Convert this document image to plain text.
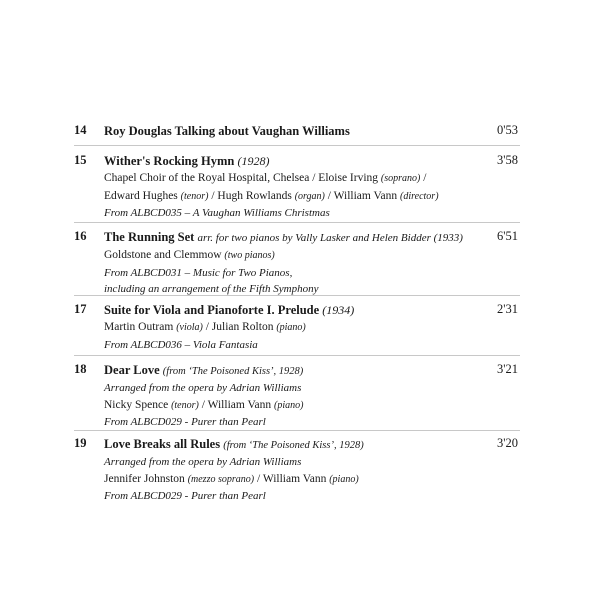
14 Roy Douglas Talking about Vaughan Williams	0'53
15 Wither's Rocking Hymn (1928)
Chapel Choir of the Royal Hospital, Chelsea / Eloise Irving (soprano) /
Edward Hughes (tenor) / Hugh Rowlands (organ) / William Vann (director)
From ALBCD035 – A Vaughan Williams Christmas
3'58
16 The Running Set arr. for two pianos by Vally Lasker and Helen Bidder (1933)
Goldstone and Clemmow (two pianos)
From ALBCD031 – Music for Two Pianos,
including an arrangement of the Fifth Symphony
6'51
17 Suite for Viola and Pianoforte I. Prelude (1934)
Martin Outram (viola) / Julian Rolton (piano)
From ALBCD036 – Viola Fantasia
2'31
18 Dear Love (from ‘The Poisoned Kiss’, 1928)
Arranged from the opera by Adrian Williams
Nicky Spence (tenor) / William Vann (piano)
From ALBCD029 - Purer than Pearl
3'21
19 Love Breaks all Rules (from ‘The Poisoned Kiss’, 1928)
Arranged from the opera by Adrian Williams
Jennifer Johnston (mezzo soprano) / William Vann (piano)
From ALBCD029 - Purer than Pearl
3'20
